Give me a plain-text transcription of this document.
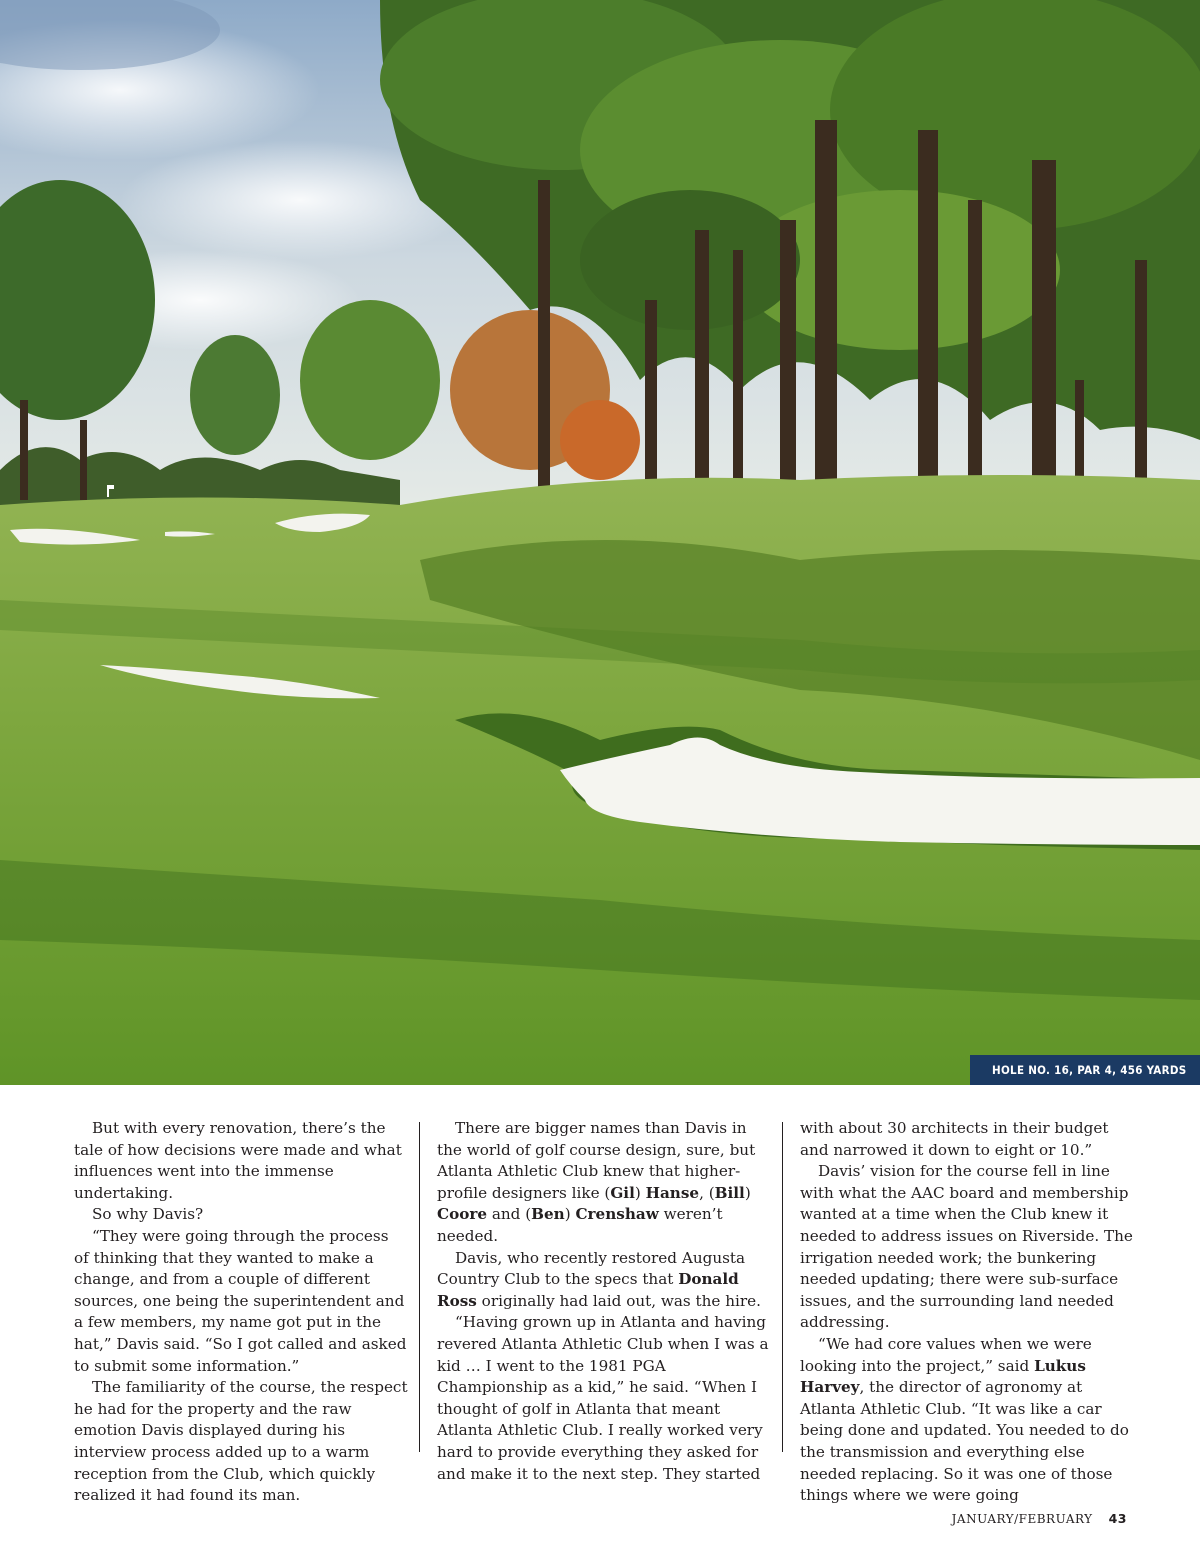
HOLE NO. 16, PAR 4, 456 YARDS

But with every renovation, there’s the tale of how decisions were made and what influences went into the immense undertaking.

So why Davis?

“They were going through the process of thinking that they wanted to make a change, and from a couple of different sources, one being the superintendent and a few members, my name got put in the hat,” Davis said. “So I got called and asked to submit some information.”

The familiarity of the course, the respect he had for the property and the raw emotion Davis displayed during his interview process added up to a warm reception from the Club, which quickly realized it had found its man.

There are bigger names than Davis in the world of golf course design, sure, but Atlanta Athletic Club knew that higher-profile designers like (Gil) Hanse, (Bill) Coore and (Ben) Crenshaw weren’t needed.

Davis, who recently restored Augusta Country Club to the specs that Donald Ross originally had laid out, was the hire.

“Having grown up in Atlanta and having revered Atlanta Athletic Club when I was a kid … I went to the 1981 PGA Championship as a kid,” he said. “When I thought of golf in Atlanta that meant Atlanta Athletic Club. I really worked very hard to provide everything they asked for and make it to the next step. They started

with about 30 architects in their budget and narrowed it down to eight or 10.”

Davis’ vision for the course fell in line with what the AAC board and membership wanted at a time when the Club knew it needed to address issues on Riverside. The irrigation needed work; the bunkering needed updating; there were sub-surface issues, and the surrounding land needed addressing.

“We had core values when we were looking into the project,” said Lukus Harvey, the director of agronomy at Atlanta Athletic Club. “It was like a car being done and updated. You needed to do the transmission and everything else needed replacing. So it was one of those things where we were going

JANUARY/FEBRUARY 43
